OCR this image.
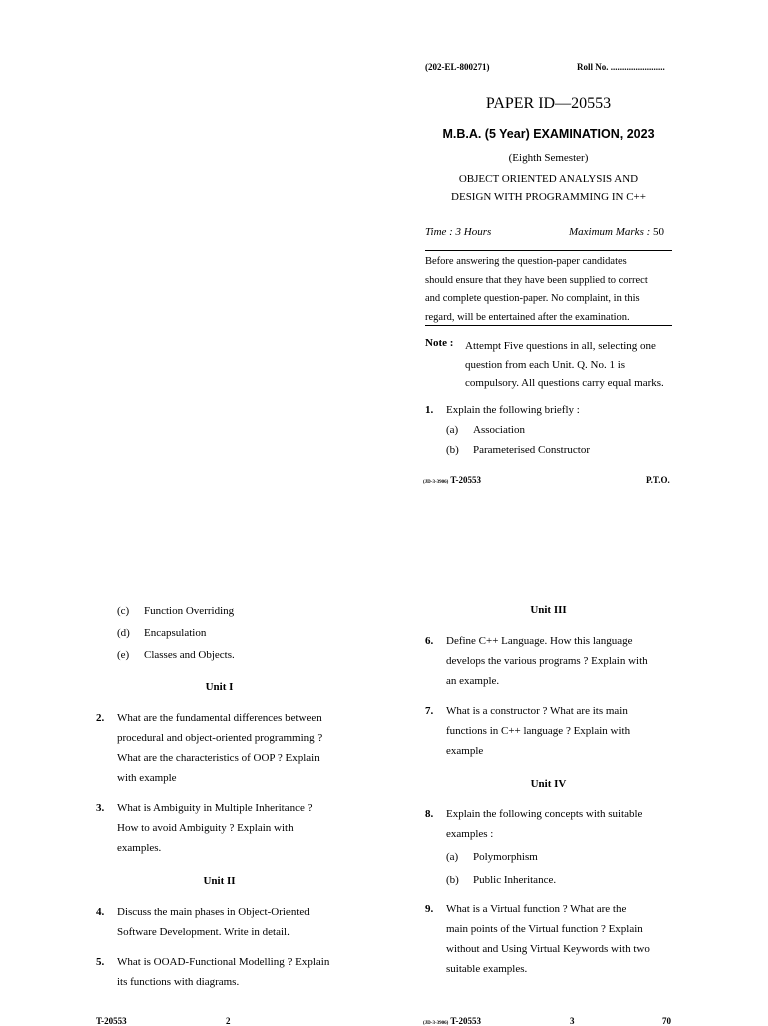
(202-EL-800271)	Roll No. ........................
PAPER ID—20553
M.B.A. (5 Year) EXAMINATION, 2023
(Eighth Semester)
OBJECT ORIENTED ANALYSIS AND
DESIGN WITH PROGRAMMING IN C++
Time : 3 Hours	Maximum Marks : 50
Before answering the question-paper candidates
should ensure that they have been supplied to correct
and complete question-paper. No complaint, in this
regard, will be entertained after the examination.
Note : Attempt Five questions in all, selecting one
question from each Unit. Q. No. 1 is
compulsory. All questions carry equal marks.
1. Explain the following briefly :
(a) Association
(b) Parameterised Constructor
(JD-3-3906) T-20553	P.T.O.
(c) Function Overriding
(d) Encapsulation
(e) Classes and Objects.
Unit I
2. What are the fundamental differences between
procedural and object-oriented programming ?
What are the characteristics of OOP ? Explain
with example
3. What is Ambiguity in Multiple Inheritance ?
How to avoid Ambiguity ? Explain with
examples.
Unit II
4. Discuss the main phases in Object-Oriented
Software Development. Write in detail.
5. What is OOAD-Functional Modelling ? Explain
its functions with diagrams.
T-20553	2
Unit III
6. Define C++ Language. How this language
develops the various programs ? Explain with
an example.
7. What is a constructor ? What are its main
functions in C++ language ? Explain with
example
Unit IV
8. Explain the following concepts with suitable
examples :
(a) Polymorphism
(b) Public Inheritance.
9. What is a Virtual function ? What are the
main points of the Virtual function ? Explain
without and Using Virtual Keywords with two
suitable examples.
(JD-3-3906) T-20553	3	70
